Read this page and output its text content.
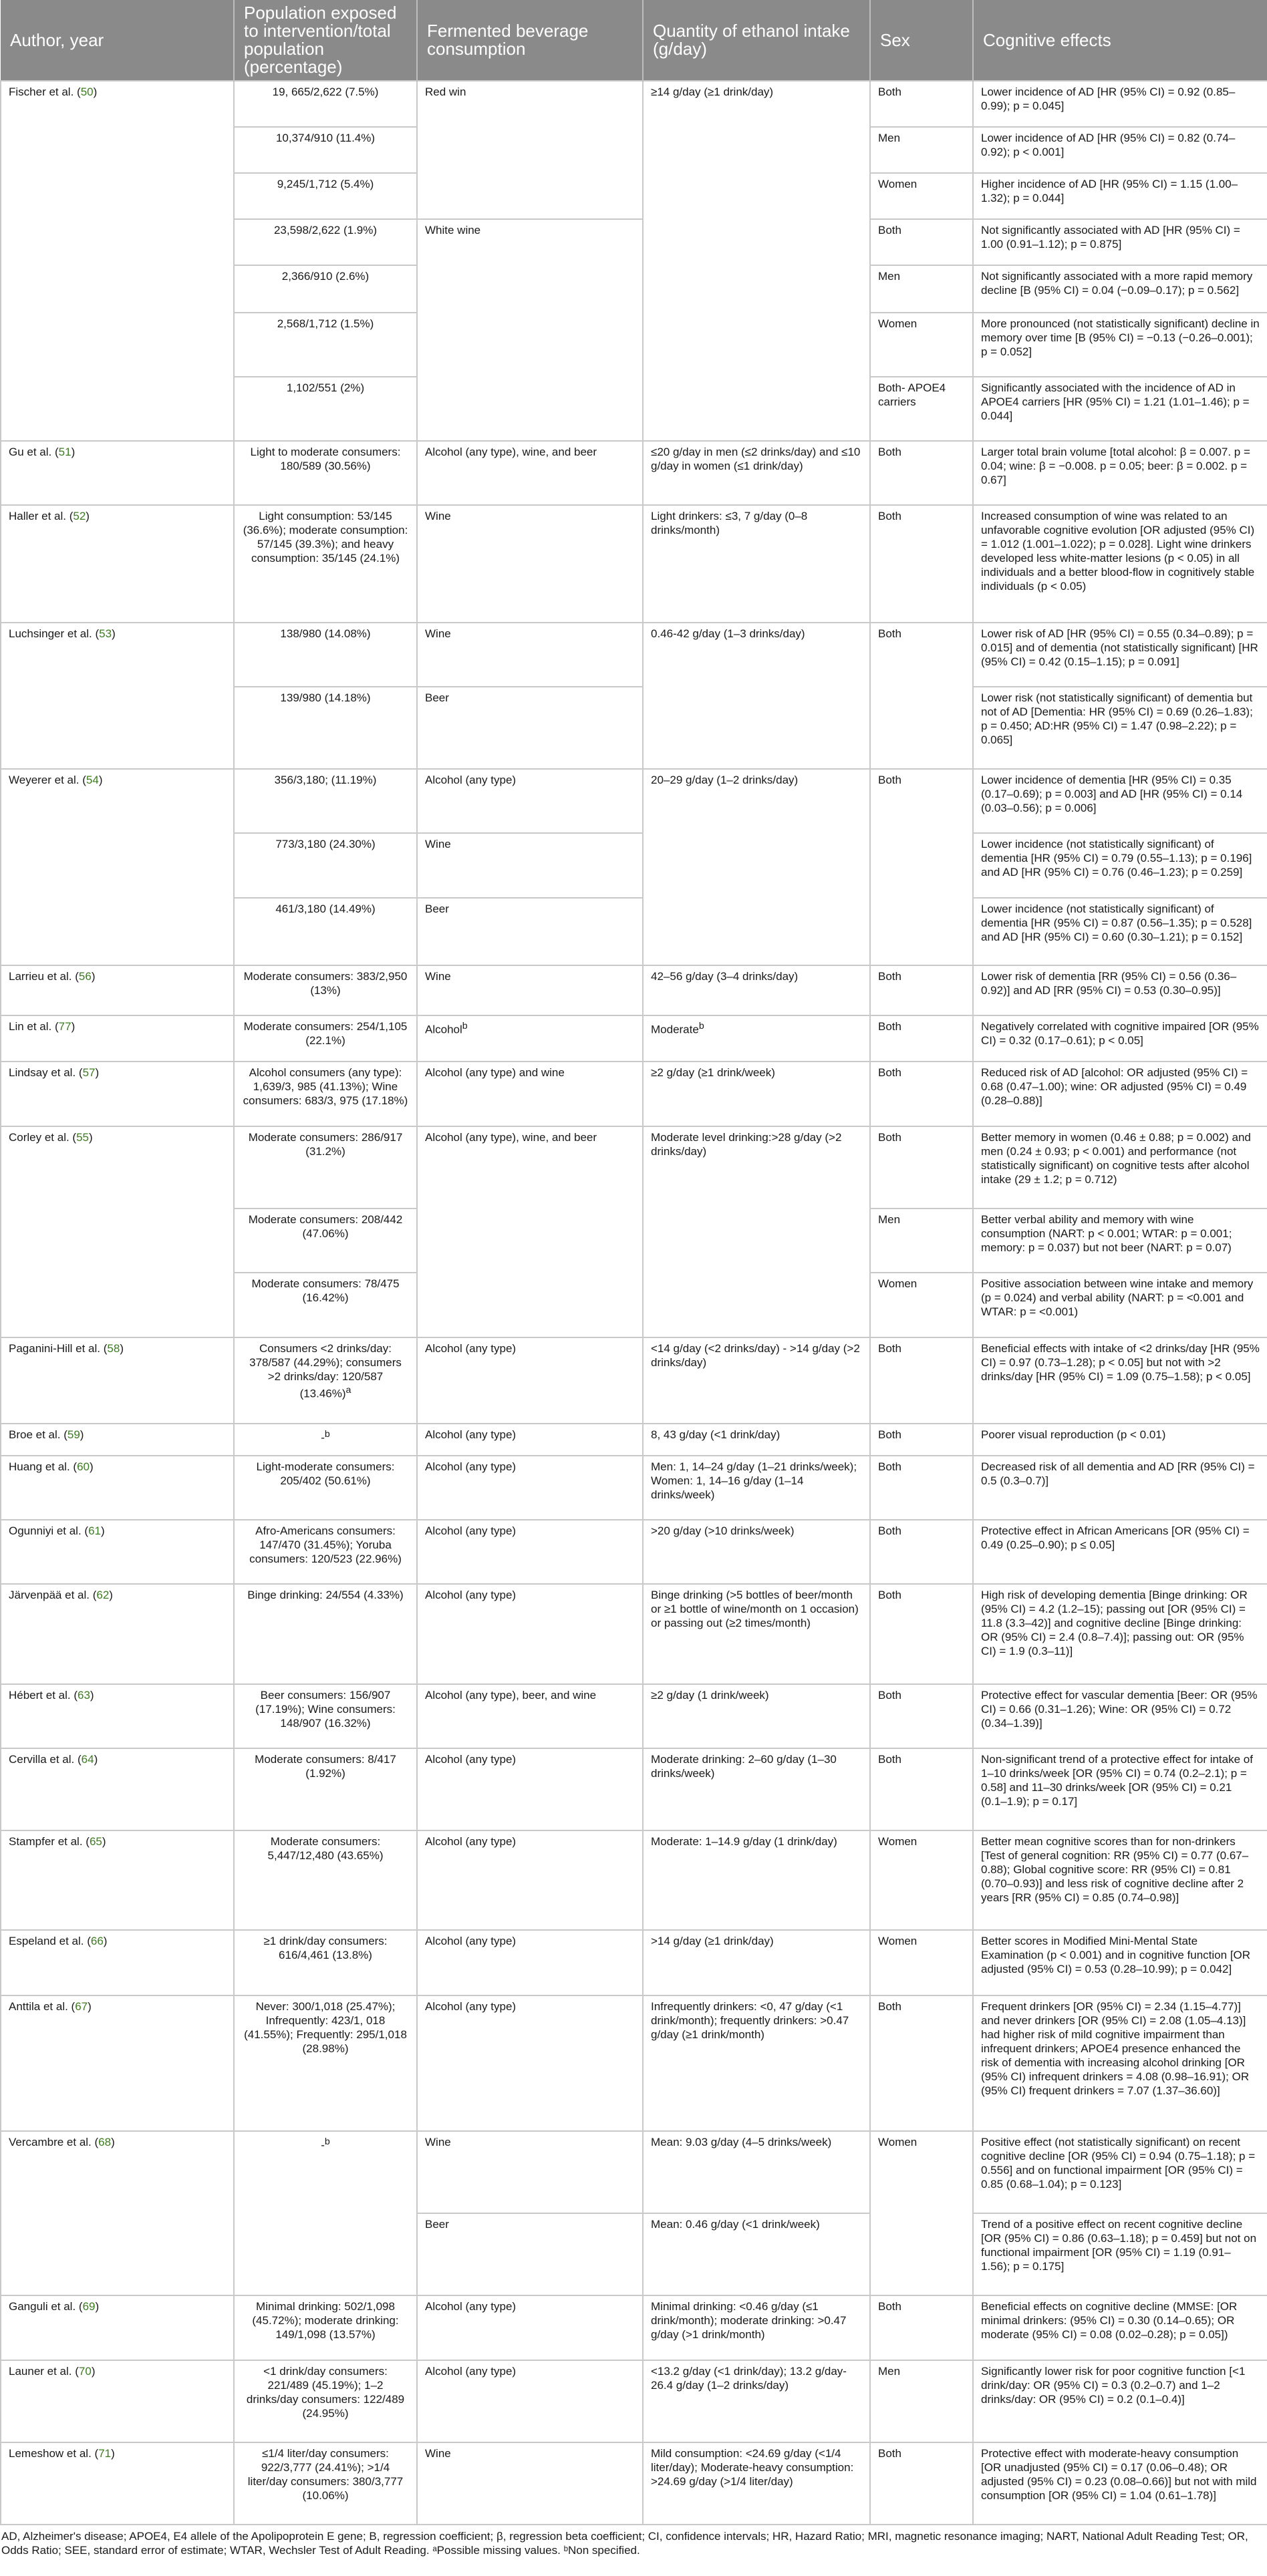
Author, year	Population exposed to intervention/total population (percentage)	Fermented beverage consumption	Quantity of ethanol intake (g/day)	Sex	Cognitive effects
Fischer et al. (50)	19, 665/2,622 (7.5%)	Red win	≥14 g/day (≥1 drink/day)	Both	Lower incidence of AD [HR (95% CI) = 0.92 (0.85–0.99); p = 0.045]
	10,374/910 (11.4%)			Men	Lower incidence of AD [HR (95% CI) = 0.82 (0.74–0.92); p < 0.001]
	9,245/1,712 (5.4%)			Women	Higher incidence of AD [HR (95% CI) = 1.15 (1.00–1.32); p = 0.044]
	23,598/2,622 (1.9%)	White wine		Both	Not significantly associated with AD [HR (95% CI) = 1.00 (0.91–1.12); p = 0.875]
	2,366/910 (2.6%)			Men	Not significantly associated with a more rapid memory decline [B (95% CI) = 0.04 (−0.09–0.17); p = 0.562]
	2,568/1,712 (1.5%)			Women	More pronounced (not statistically significant) decline in memory over time [B (95% CI) = −0.13 (−0.26–0.001); p = 0.052]
	1,102/551 (2%)			Both- APOE4 carriers	Significantly associated with the incidence of AD in APOE4 carriers [HR (95% CI) = 1.21 (1.01–1.46); p = 0.044]
Gu et al. (51)	Light to moderate consumers: 180/589 (30.56%)	Alcohol (any type), wine, and beer	≤20 g/day in men (≤2 drinks/day) and ≤10 g/day in women (≤1 drink/day)	Both	Larger total brain volume [total alcohol: β = 0.007. p = 0.04; wine: β = −0.008. p = 0.05; beer: β = 0.002. p = 0.67]
Haller et al. (52)	Light consumption: 53/145 (36.6%); moderate consumption: 57/145 (39.3%); and heavy consumption: 35/145 (24.1%)	Wine	Light drinkers: ≤3, 7 g/day (0–8 drinks/month)	Both	Increased consumption of wine was related to an unfavorable cognitive evolution [OR adjusted (95% CI) = 1.012 (1.001–1.022); p = 0.028]. Light wine drinkers developed less white-matter lesions (p < 0.05) in all individuals and a better blood-flow in cognitively stable individuals (p < 0.05)
Luchsinger et al. (53)	138/980 (14.08%)	Wine	0.46-42 g/day (1–3 drinks/day)	Both	Lower risk of AD [HR (95% CI) = 0.55 (0.34–0.89); p = 0.015] and of dementia (not statistically significant) [HR (95% CI) = 0.42 (0.15–1.15); p = 0.091]
	139/980 (14.18%)	Beer			Lower risk (not statistically significant) of dementia but not of AD [Dementia: HR (95% CI) = 0.69 (0.26–1.83); p = 0.450; AD:HR (95% CI) = 1.47 (0.98–2.22); p = 0.065]
Weyerer et al. (54)	356/3,180; (11.19%)	Alcohol (any type)	20–29 g/day (1–2 drinks/day)	Both	Lower incidence of dementia [HR (95% CI) = 0.35 (0.17–0.69); p = 0.003] and AD [HR (95% CI) = 0.14 (0.03–0.56); p = 0.006]
	773/3,180 (24.30%)	Wine			Lower incidence (not statistically significant) of dementia [HR (95% CI) = 0.79 (0.55–1.13); p = 0.196] and AD [HR (95% CI) = 0.76 (0.46–1.23); p = 0.259]
	461/3,180 (14.49%)	Beer			Lower incidence (not statistically significant) of dementia [HR (95% CI) = 0.87 (0.56–1.35); p = 0.528] and AD [HR (95% CI) = 0.60 (0.30–1.21); p = 0.152]
Larrieu et al. (56)	Moderate consumers: 383/2,950 (13%)	Wine	42–56 g/day (3–4 drinks/day)	Both	Lower risk of dementia [RR (95% CI) = 0.56 (0.36–0.92)] and AD [RR (95% CI) = 0.53 (0.30–0.95)]
Lin et al. (77)	Moderate consumers: 254/1,105 (22.1%)	Alcohol$^b$	Moderate$^b$	Both	Negatively correlated with cognitive impaired [OR (95% CI) = 0.32 (0.17–0.61); p < 0.05]
Lindsay et al. (57)	Alcohol consumers (any type): 1,639/3, 985 (41.13%); Wine consumers: 683/3, 975 (17.18%)	Alcohol (any type) and wine	≥2 g/day (≥1 drink/week)	Both	Reduced risk of AD [alcohol: OR adjusted (95% CI) = 0.68 (0.47–1.00); wine: OR adjusted (95% CI) = 0.49 (0.28–0.88)]
Corley et al. (55)	Moderate consumers: 286/917 (31.2%)	Alcohol (any type), wine, and beer	Moderate level drinking:>28 g/day (>2 drinks/day)	Both	Better memory in women (0.46 ± 0.88; p = 0.002) and men (0.24 ± 0.93; p < 0.001) and performance (not statistically significant) on cognitive tests after alcohol intake (29 ± 1.2; p = 0.712)
	Moderate consumers: 208/442 (47.06%)			Men	Better verbal ability and memory with wine consumption (NART: p < 0.001; WTAR: p = 0.001; memory: p = 0.037) but not beer (NART: p = 0.07)
	Moderate consumers: 78/475 (16.42%)			Women	Positive association between wine intake and memory (p = 0.024) and verbal ability (NART: p = <0.001 and WTAR: p = <0.001)
Paganini-Hill et al. (58)	Consumers <2 drinks/day: 378/587 (44.29%); consumers >2 drinks/day: 120/587 $(13.46\%)^a$	Alcohol (any type)	<14 g/day (<2 drinks/day) - >14 g/day (>2 drinks/day)	Both	Beneficial effects with intake of <2 drinks/day [HR (95% CI) = 0.97 (0.73–1.28); p < 0.05] but not with >2 drinks/day [HR (95% CI) = 1.09 (0.75–1.58); p < 0.05]
Broe et al. (59)	-$^b$	Alcohol (any type)	8, 43 g/day (<1 drink/day)	Both	Poorer visual reproduction (p < 0.01)
Huang et al. (60)	Light-moderate consumers: 205/402 (50.61%)	Alcohol (any type)	Men: 1, 14–24 g/day (1–21 drinks/week); Women: 1, 14–16 g/day (1–14 drinks/week)	Both	Decreased risk of all dementia and AD [RR (95% CI) = 0.5 (0.3–0.7)]
Ogunniyi et al. (61)	Afro-Americans consumers: 147/470 (31.45%); Yoruba consumers: 120/523 (22.96%)	Alcohol (any type)	>20 g/day (>10 drinks/week)	Both	Protective effect in African Americans [OR (95% CI) = 0.49 (0.25–0.90); p ≤ 0.05]
Järvenpää et al. (62)	Binge drinking: 24/554 (4.33%)	Alcohol (any type)	Binge drinking (>5 bottles of beer/month or ≥1 bottle of wine/month on 1 occasion) or passing out (≥2 times/month)	Both	High risk of developing dementia [Binge drinking: OR (95% CI) = 4.2 (1.2–15); passing out [OR (95% CI) = 11.8 (3.3–42)] and cognitive decline [Binge drinking: OR (95% CI) = 2.4 (0.8–7.4)]; passing out: OR (95% CI) = 1.9 (0.3–11)]
Hébert et al. (63)	Beer consumers: 156/907 (17.19%); Wine consumers: 148/907 (16.32%)	Alcohol (any type), beer, and wine	≥2 g/day (1 drink/week)	Both	Protective effect for vascular dementia [Beer: OR (95% CI) = 0.66 (0.31–1.26); Wine: OR (95% CI) = 0.72 (0.34–1.39)]
Cervilla et al. (64)	Moderate consumers: 8/417 (1.92%)	Alcohol (any type)	Moderate drinking: 2–60 g/day (1–30 drinks/week)	Both	Non-significant trend of a protective effect for intake of 1–10 drinks/week [OR (95% CI) = 0.74 (0.2–2.1); p = 0.58] and 11–30 drinks/week [OR (95% CI) = 0.21 (0.1–1.9); p = 0.17]
Stampfer et al. (65)	Moderate consumers: 5,447/12,480 (43.65%)	Alcohol (any type)	Moderate: 1–14.9 g/day (1 drink/day)	Women	Better mean cognitive scores than for non-drinkers [Test of general cognition: RR (95% CI) = 0.77 (0.67–0.88); Global cognitive score: RR (95% CI) = 0.81 (0.70–0.93)] and less risk of cognitive decline after 2 years [RR (95% CI) = 0.85 (0.74–0.98)]
Espeland et al. (66)	≥1 drink/day consumers: 616/4,461 (13.8%)	Alcohol (any type)	>14 g/day (≥1 drink/day)	Women	Better scores in Modified Mini-Mental State Examination (p < 0.001) and in cognitive function [OR adjusted (95% CI) = 0.53 (0.28–10.99); p = 0.042]
Anttila et al. (67)	Never: 300/1,018 (25.47%); Infrequently: 423/1, 018 (41.55%); Frequently: 295/1,018 (28.98%)	Alcohol (any type)	Infrequently drinkers: <0, 47 g/day (<1 drink/month); frequently drinkers: >0.47 g/day (≥1 drink/month)	Both	Frequent drinkers [OR (95% CI) = 2.34 (1.15–4.77)] and never drinkers [OR (95% CI) = 2.08 (1.05–4.13)] had higher risk of mild cognitive impairment than infrequent drinkers; APOE4 presence enhanced the risk of dementia with increasing alcohol drinking [OR (95% CI) infrequent drinkers = 4.08 (0.98–16.91); OR (95% CI) frequent drinkers = 7.07 (1.37–36.60)]
Vercambre et al. (68)	-$^b$	Wine	Mean: 9.03 g/day (4–5 drinks/week)	Women	Positive effect (not statistically significant) on recent cognitive decline [OR (95% CI) = 0.94 (0.75–1.18); p = 0.556] and on functional impairment [OR (95% CI) = 0.85 (0.68–1.04); p = 0.123]
		Beer	Mean: 0.46 g/day (<1 drink/week)		Trend of a positive effect on recent cognitive decline [OR (95% CI) = 0.86 (0.63–1.18); p = 0.459] but not on functional impairment [OR (95% CI) = 1.19 (0.91–1.56); p = 0.175]
Ganguli et al. (69)	Minimal drinking: 502/1,098 (45.72%); moderate drinking: 149/1,098 (13.57%)	Alcohol (any type)	Minimal drinking: <0.46 g/day (≤1 drink/month); moderate drinking: >0.47 g/day (>1 drink/month)	Both	Beneficial effects on cognitive decline (MMSE: [OR minimal drinkers: (95% CI) = 0.30 (0.14–0.65); OR moderate (95% CI) = 0.08 (0.02–0.28); p = 0.05])
Launer et al. (70)	<1 drink/day consumers: 221/489 (45.19%); 1–2 drinks/day consumers: 122/489 (24.95%)	Alcohol (any type)	<13.2 g/day (<1 drink/day); 13.2 g/day-26.4 g/day (1–2 drinks/day)	Men	Significantly lower risk for poor cognitive function [<1 drink/day: OR (95% CI) = 0.3 (0.2–0.7) and 1–2 drinks/day: OR (95% CI) = 0.2 (0.1–0.4)]
Lemeshow et al. (71)	≤1/4 liter/day consumers: 922/3,777 (24.41%); >1/4 liter/day consumers: 380/3,777 (10.06%)	Wine	Mild consumption: <24.69 g/day (<1/4 liter/day); Moderate-heavy consumption: >24.69 g/day (>1/4 liter/day)	Both	Protective effect with moderate-heavy consumption [OR unadjusted (95% CI) = 0.17 (0.06–0.48); OR adjusted (95% CI) = 0.23 (0.08–0.66)] but not with mild consumption [OR (95% CI) = 1.04 (0.61–1.78)]
AD, Alzheimer's disease; APOE4, E4 allele of the Apolipoprotein E gene; B, regression coefficient; β, regression beta coefficient; CI, confidence intervals; HR, Hazard Ratio; MRI, magnetic resonance imaging; NART, National Adult Reading Test; OR, Odds Ratio; SEE, standard error of estimate; WTAR, Wechsler Test of Adult Reading. ᵃPossible missing values. ᵇNon specified.
